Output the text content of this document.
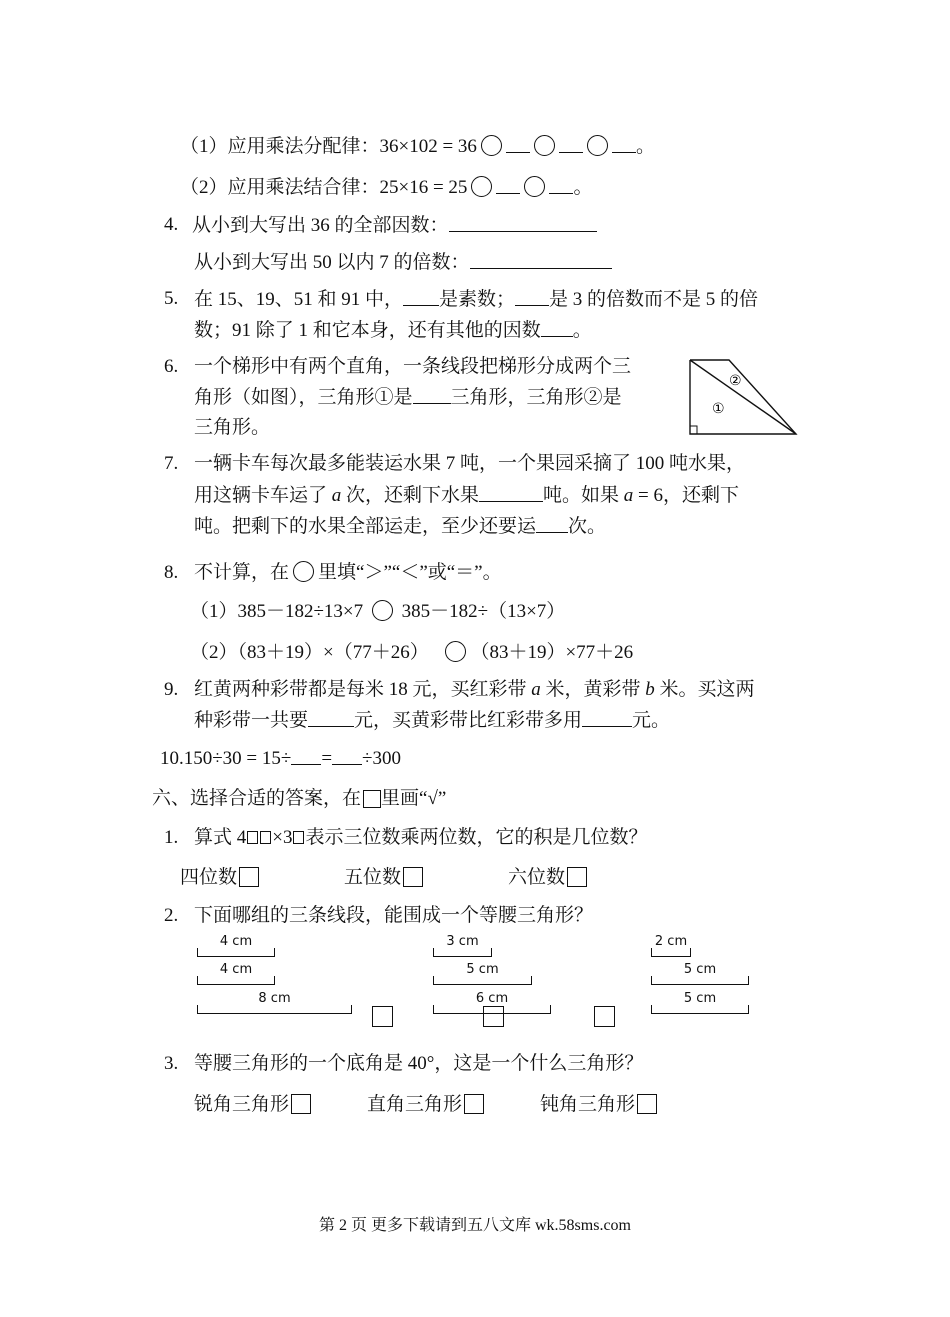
（1）应用乘法分配律：36×102 = 36	。
（2）应用乘法结合律：25×16 = 25	。
4. 从小到大写出 36 的全部因数：
从小到大写出 50 以内 7 的倍数：
5. 在 15、19、51 和 91 中， 是素数； 是 3 的倍数而不是 5 的倍
数；91 除了 1 和它本身，还有其他的因数 。
6. 一个梯形中有两个直角，一条线段把梯形分成两个三
角形（如图），三角形①是 三角形，三角形②是
三角形。
①
②
7. 一辆卡车每次最多能装运水果 7 吨，一个果园采摘了 100 吨水果，
用这辆卡车运了 a 次，还剩下水果	吨。如果 a = 6，还剩下
吨。把剩下的水果全部运走，至少还要运 次。
8. 不计算，在 里填“＞”“＜”或“＝”。
（1）385－182÷13×7 385－182÷（13×7）
（2）（83＋19）×（77＋26） （83＋19）×77＋26
9. 红黄两种彩带都是每米 18 元，买红彩带 a 米，黄彩带 b 米。买这两
种彩带一共要 元，买黄彩带比红彩带多用	元。
10.150÷30 = 15÷ = ÷300
六、选择合适的答案，在 里画“√”
1. 算式 4 ×3 表示三位数乘两位数，它的积是几位数？
四位数	五位数	六位数
2. 下面哪组的三条线段，能围成一个等腰三角形？
4 cm
4 cm
8 cm
3 cm
5 cm
6 cm
2 cm
5 cm
5 cm
3. 等腰三角形的一个底角是 40°，这是一个什么三角形？
锐角三角形	直角三角形	钝角三角形
第 2 页 更多下载请到五八文库 wk.58sms.com
